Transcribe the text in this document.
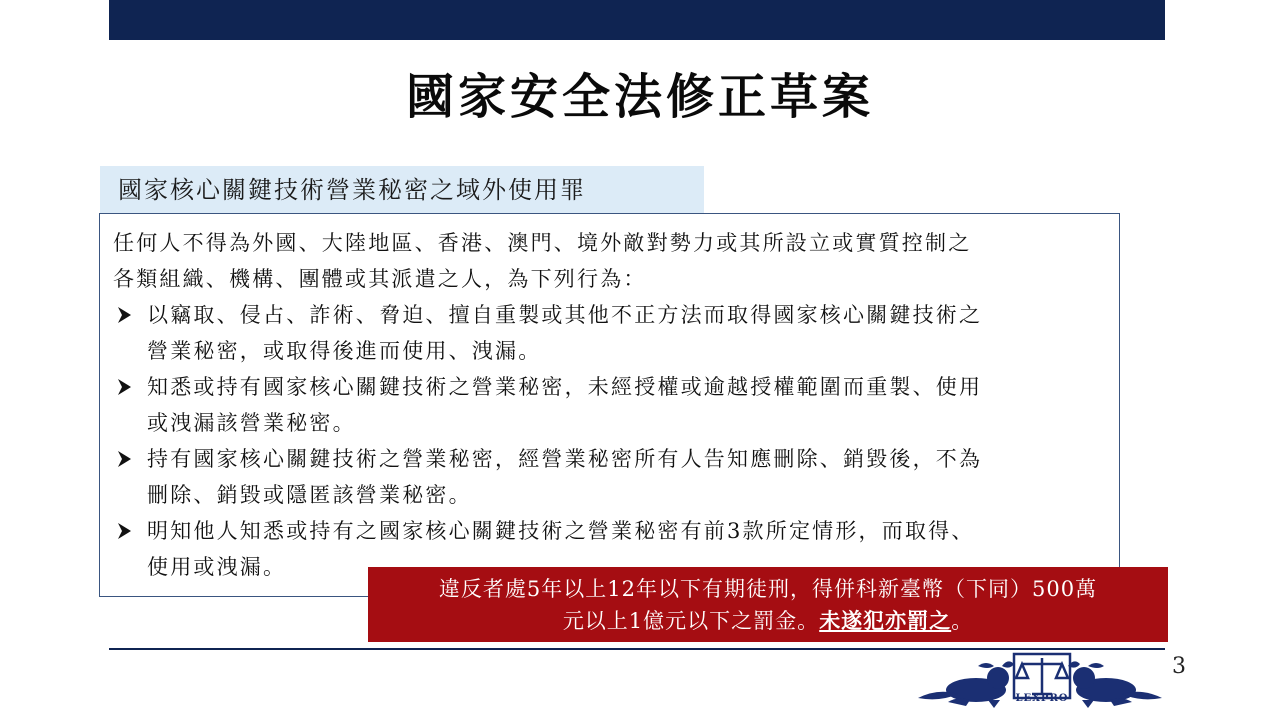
國家安全法修正草案
國家核心關鍵技術營業秘密之域外使用罪

任何人不得為外國、大陸地區、香港、澳門、境外敵對勢力或其所設立或實質控制之
各類組織、機構、團體或其派遣之人，為下列行為：

以竊取、侵占、詐術、脅迫、擅自重製或其他不正方法而取得國家核心關鍵技術之
營業秘密，或取得後進而使用、洩漏。
知悉或持有國家核心關鍵技術之營業秘密，未經授權或逾越授權範圍而重製、使用
或洩漏該營業秘密。
持有國家核心關鍵技術之營業秘密，經營業秘密所有人告知應刪除、銷毀後，不為
刪除、銷毀或隱匿該營業秘密。
明知他人知悉或持有之國家核心關鍵技術之營業秘密有前3款所定情形，而取得、
使用或洩漏。
違反者處5年以上12年以下有期徒刑，得併科新臺幣（下同）500萬
元以上1億元以下之罰金。未遂犯亦罰之。
LEXPRO
3
